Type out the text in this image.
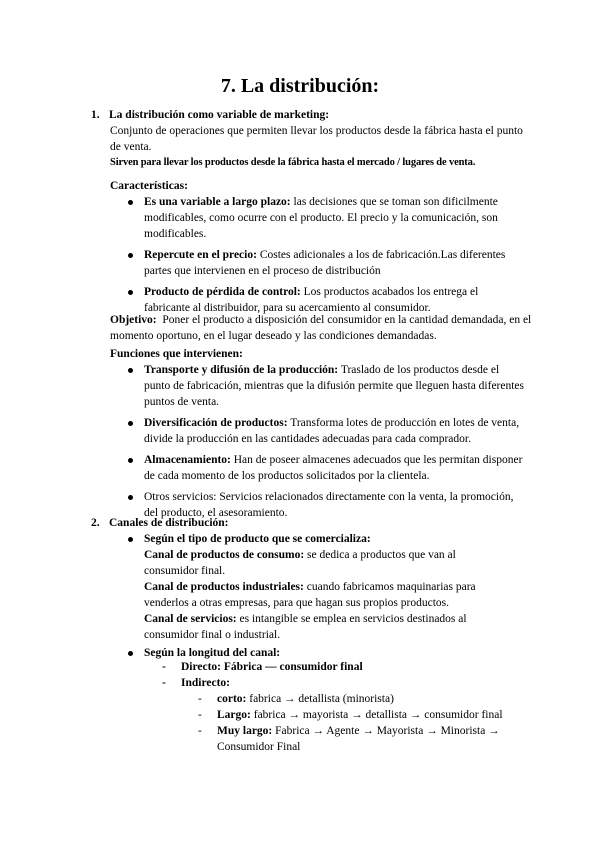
7. La distribución:
1. La distribución como variable de marketing:
Conjunto de operaciones que permiten llevar los productos desde la fábrica hasta el punto de venta.
Sirven para llevar los productos desde la fábrica hasta el mercado / lugares de venta.
Características:
Es una variable a largo plazo: las decisiones que se toman son dificilmente modificables, como ocurre con el producto. El precio y la comunicación, son modificables.
Repercute en el precio: Costes adicionales a los de fabricación.Las diferentes partes que intervienen en el proceso de distribución
Producto de pérdida de control: Los productos acabados los entrega el fabricante al distribuidor, para su acercamiento al consumidor.
Objetivo:  Poner el producto a disposición del consumidor en la cantidad demandada, en el momento oportuno, en el lugar deseado y las condiciones demandadas.
Funciones que intervienen:
Transporte y difusión de la producción: Traslado de los productos desde el punto de fabricación, mientras que la difusión permite que lleguen hasta diferentes puntos de venta.
Diversificación de productos: Transforma lotes de producción en lotes de venta, divide la producción en las cantidades adecuadas para cada comprador.
Almacenamiento: Han de poseer almacenes adecuados que les permitan disponer de cada momento de los productos solicitados por la clientela.
Otros servicios: Servicios relacionados directamente con la venta, la promoción, del producto, el asesoramiento.
2. Canales de distribución:
Según el tipo de producto que se comercializa:
Canal de productos de consumo: se dedica a productos que van al consumidor final.
Canal de productos industriales: cuando fabricamos maquinarias para venderlos a otras empresas, para que hagan sus propios productos.
Canal de servicios: es intangible se emplea en servicios destinados al consumidor final o industrial.
Según la longitud del canal:
- Directo: Fábrica — consumidor final
- Indirecto:
- corto: fabrica → detallista (minorista)
- Largo: fabrica → mayorista → detallista → consumidor final
- Muy largo: Fabrica → Agente → Mayorista → Minorista → Consumidor Final
